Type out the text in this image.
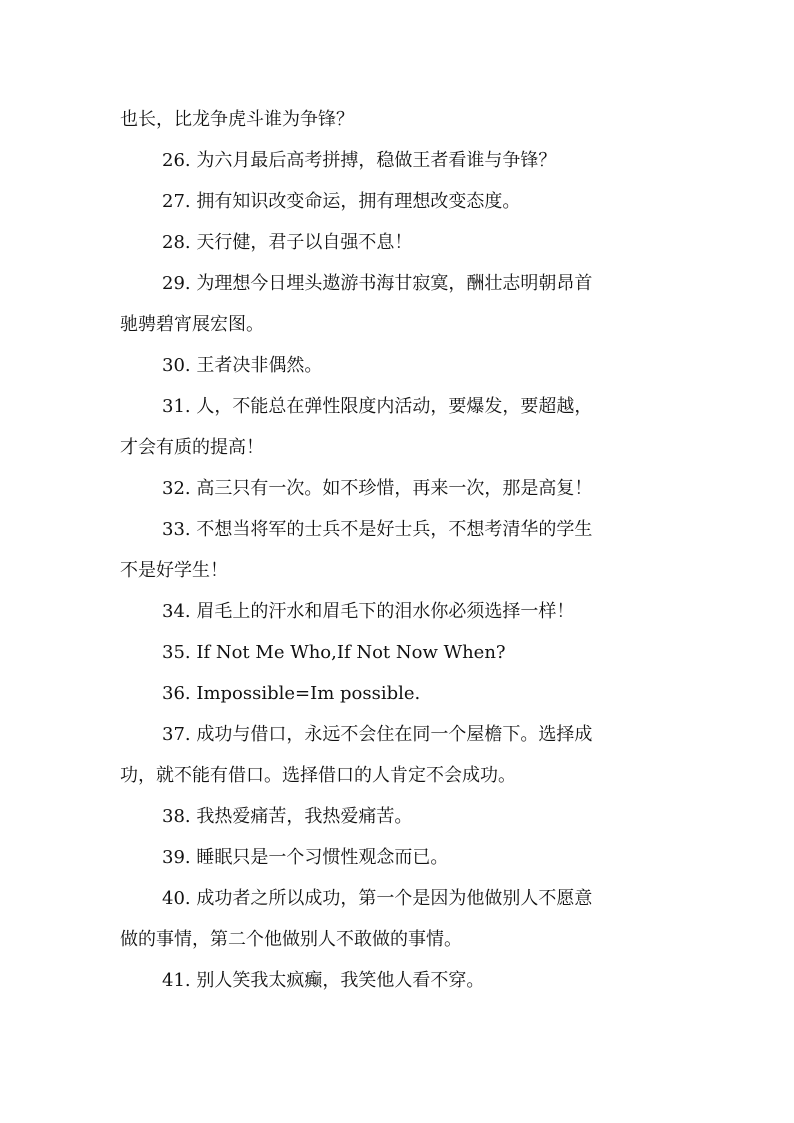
也长，比龙争虎斗谁为争锋？
26. 为六月最后高考拼搏，稳做王者看谁与争锋？
27. 拥有知识改变命运，拥有理想改变态度。
28. 天行健，君子以自强不息！
29. 为理想今日埋头遨游书海甘寂寞，酬壮志明朝昂首
驰骋碧宵展宏图。
30. 王者决非偶然。
31. 人，不能总在弹性限度内活动，要爆发，要超越，
才会有质的提高！
32. 高三只有一次。如不珍惜，再来一次，那是高复！
33. 不想当将军的士兵不是好士兵，不想考清华的学生
不是好学生！
34. 眉毛上的汗水和眉毛下的泪水你必须选择一样！
35. If Not Me Who,If Not Now When?
36. Impossible=Im possible.
37. 成功与借口，永远不会住在同一个屋檐下。选择成
功，就不能有借口。选择借口的人肯定不会成功。
38. 我热爱痛苦，我热爱痛苦。
39. 睡眠只是一个习惯性观念而已。
40. 成功者之所以成功，第一个是因为他做别人不愿意
做的事情，第二个他做别人不敢做的事情。
41. 别人笑我太疯癫，我笑他人看不穿。
